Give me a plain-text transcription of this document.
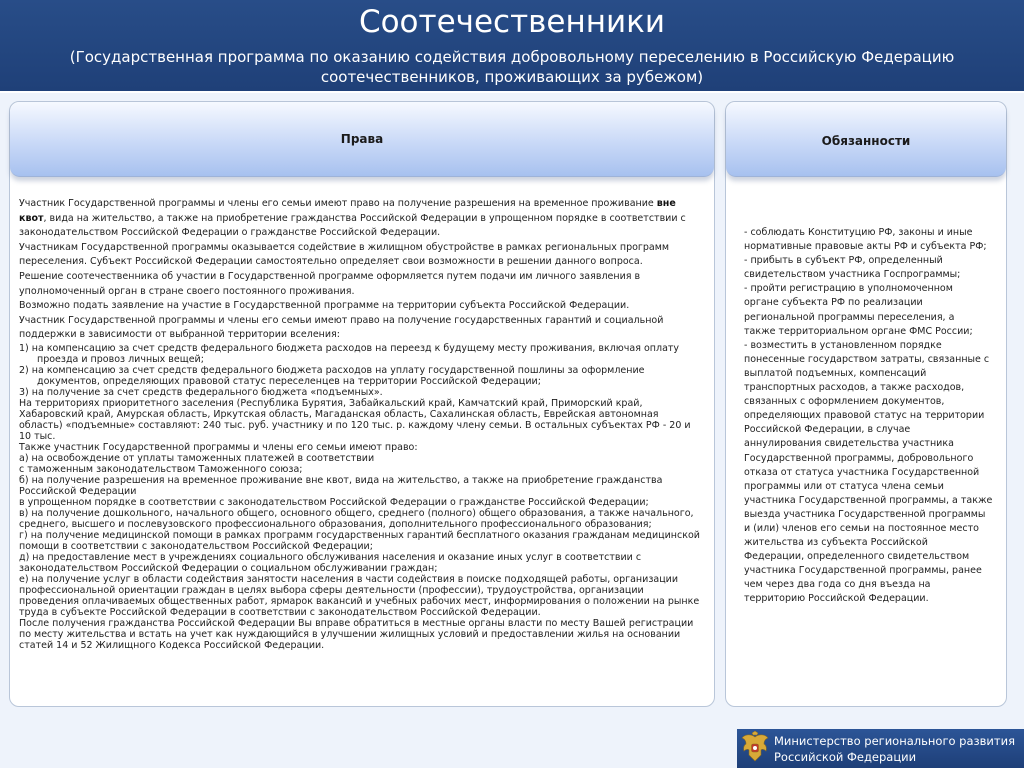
Соотечественники
(Государственная программа по оказанию содействия добровольному переселению в Российскую Федерацию
соотечественников, проживающих за рубежом)
Права
Участник Государственной программы и члены его семьи имеют право на получение разрешения на временное проживание вне
квот, вида на жительство, а также на приобретение гражданства Российской Федерации в упрощенном порядке в соответствии с
законодательством Российской Федерации о гражданстве Российской Федерации.
Участникам Государственной программы оказывается содействие в жилищном обустройстве в рамках региональных программ
переселения. Субъект Российской Федерации самостоятельно определяет свои возможности в решении данного вопроса.
Решение соотечественника об участии в Государственной программе оформляется путем подачи им личного заявления в
уполномоченный орган в стране своего постоянного проживания.
Возможно подать заявление на участие в Государственной программе на территории субъекта Российской Федерации.
Участник Государственной программы и члены его семьи имеют право на получение государственных гарантий и социальной
поддержки в зависимости от выбранной территории вселения:
1) на компенсацию за счет средств федерального бюджета расходов на переезд к будущему месту проживания, включая оплату проезда и провоз личных вещей;
2) на компенсацию за счет средств федерального бюджета расходов на уплату государственной пошлины за оформление документов, определяющих правовой статус переселенцев на территории Российской Федерации;
3) на получение за счет средств федерального бюджета «подъемных».
На территориях приоритетного заселения (Республика Бурятия, Забайкальский край, Камчатский край, Приморский край, Хабаровский край, Амурская область, Иркутская область, Магаданская область, Сахалинская область, Еврейская автономная область) «подъемные» составляют: 240 тыс. руб. участнику и по 120 тыс. р. каждому члену семьи. В остальных субъектах РФ - 20 и 10 тыс.
Также участник Государственной программы и члены его семьи имеют право:
а) на освобождение от уплаты таможенных платежей в соответствии
с таможенным законодательством Таможенного союза;
б) на получение разрешения на временное проживание вне квот, вида на жительство, а также на приобретение гражданства Российской Федерации
в упрощенном порядке в соответствии с законодательством Российской Федерации о гражданстве Российской Федерации;
в) на получение дошкольного, начального общего, основного общего, среднего (полного) общего образования, а также начального, среднего, высшего и послевузовского профессионального образования, дополнительного профессионального образования;
г) на получение медицинской помощи в рамках программ государственных гарантий бесплатного оказания гражданам медицинской помощи в соответствии с законодательством Российской Федерации;
д) на предоставление мест в учреждениях социального обслуживания населения и оказание иных услуг в соответствии с законодательством Российской Федерации о социальном обслуживании граждан;
е) на получение услуг в области содействия занятости населения в части содействия в поиске подходящей работы, организации профессиональной ориентации граждан в целях выбора сферы деятельности (профессии), трудоустройства, организации проведения оплачиваемых общественных работ, ярмарок вакансий и учебных рабочих мест, информирования о положении на рынке труда в субъекте Российской Федерации в соответствии с законодательством Российской Федерации.
После получения гражданства Российской Федерации Вы вправе обратиться в местные органы власти по месту Вашей регистрации по месту жительства и встать на учет как нуждающийся в улучшении жилищных условий и предоставлении жилья на основании статей 14 и 52 Жилищного Кодекса Российской Федерации.
Обязанности
- соблюдать Конституцию РФ, законы и иные
нормативные правовые акты РФ и субъекта РФ;
- прибыть в субъект РФ, определенный
свидетельством участника Госпрограммы;
- пройти регистрацию в уполномоченном
органе субъекта РФ по реализации
региональной программы переселения, а
также территориальном органе ФМС России;
- возместить в установленном порядке
понесенные государством затраты, связанные с
выплатой подъемных, компенсаций
транспортных расходов, а также расходов,
связанных с оформлением документов,
определяющих правовой статус на территории
Российской Федерации, в случае
аннулирования свидетельства участника
Государственной программы, добровольного
отказа от статуса участника Государственной
программы или от статуса члена семьи
участника Государственной программы, а также
выезда участника Государственной программы
и (или) членов его семьи на постоянное место
жительства из субъекта Российской
Федерации, определенного свидетельством
участника Государственной программы, ранее
чем через два года со дня въезда на
территорию Российской Федерации.
Министерство регионального развития
Российской Федерации
